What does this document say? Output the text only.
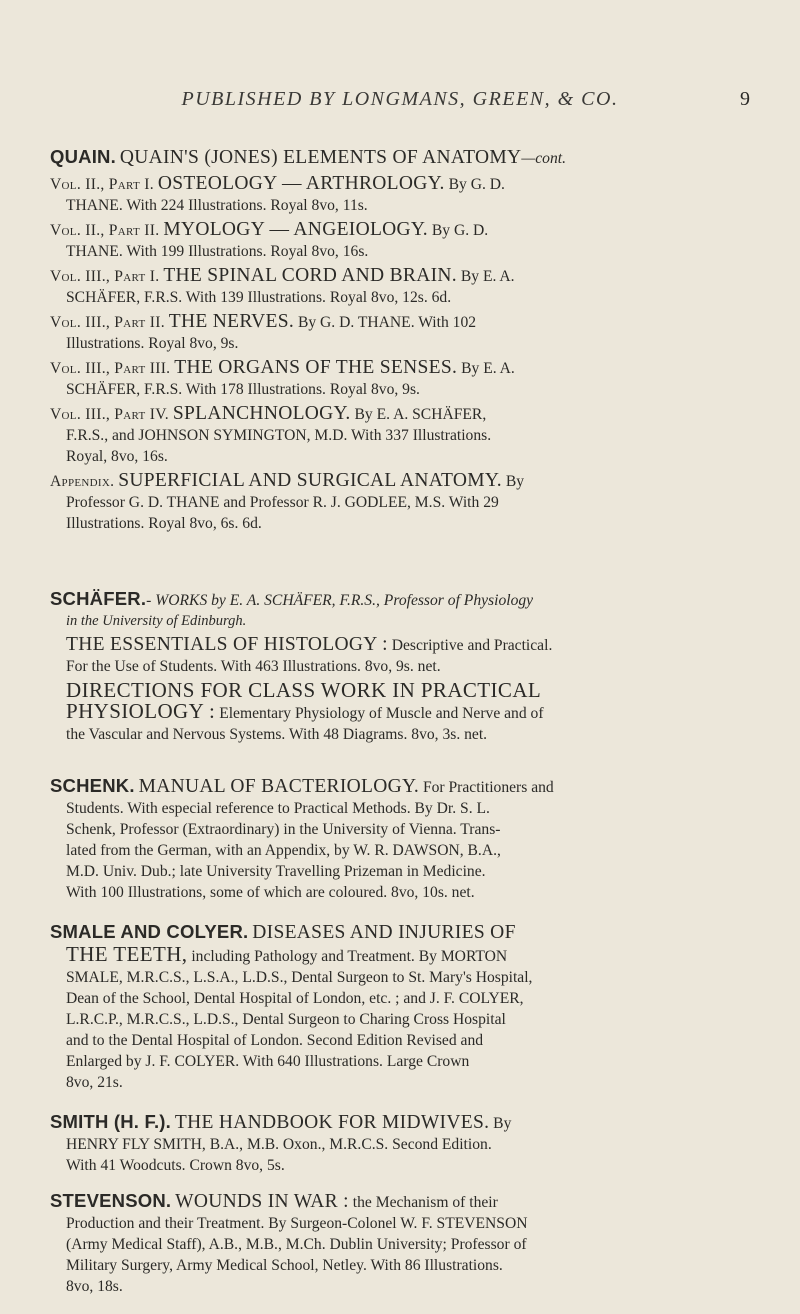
PUBLISHED BY LONGMANS, GREEN, & CO.	9
QUAIN. QUAIN'S (JONES) ELEMENTS OF ANATOMY—cont.
Vol. II., Part I. OSTEOLOGY — ARTHROLOGY. By G. D.
THANE. With 224 Illustrations. Royal 8vo, 11s.
Vol. II., Part II. MYOLOGY — ANGEIOLOGY. By G. D.
THANE. With 199 Illustrations. Royal 8vo, 16s.
Vol. III., Part I. THE SPINAL CORD AND BRAIN. By E. A.
SCHÄFER, F.R.S. With 139 Illustrations. Royal 8vo, 12s. 6d.
Vol. III., Part II. THE NERVES. By G. D. THANE. With 102
Illustrations. Royal 8vo, 9s.
Vol. III., Part III. THE ORGANS OF THE SENSES. By E. A.
SCHÄFER, F.R.S. With 178 Illustrations. Royal 8vo, 9s.
Vol. III., Part IV. SPLANCHNOLOGY. By E. A. SCHÄFER,
F.R.S., and JOHNSON SYMINGTON, M.D. With 337 Illustrations.
Royal, 8vo, 16s.
Appendix. SUPERFICIAL AND SURGICAL ANATOMY. By
Professor G. D. THANE and Professor R. J. GODLEE, M.S. With 29
Illustrations. Royal 8vo, 6s. 6d.
SCHÄFER.- WORKS by E. A. SCHÄFER, F.R.S., Professor of Physiology
in the University of Edinburgh.
THE ESSENTIALS OF HISTOLOGY : Descriptive and Practical.
For the Use of Students. With 463 Illustrations. 8vo, 9s. net.
DIRECTIONS FOR CLASS WORK IN PRACTICAL
PHYSIOLOGY : Elementary Physiology of Muscle and Nerve and of
the Vascular and Nervous Systems. With 48 Diagrams. 8vo, 3s. net.
SCHENK. MANUAL OF BACTERIOLOGY. For Practitioners and
Students. With especial reference to Practical Methods. By Dr. S. L.
Schenk, Professor (Extraordinary) in the University of Vienna. Trans-
lated from the German, with an Appendix, by W. R. DAWSON, B.A.,
M.D. Univ. Dub.; late University Travelling Prizeman in Medicine.
With 100 Illustrations, some of which are coloured. 8vo, 10s. net.
SMALE AND COLYER. DISEASES AND INJURIES OF
THE TEETH, including Pathology and Treatment. By MORTON
SMALE, M.R.C.S., L.S.A., L.D.S., Dental Surgeon to St. Mary's Hospital,
Dean of the School, Dental Hospital of London, etc. ; and J. F. COLYER,
L.R.C.P., M.R.C.S., L.D.S., Dental Surgeon to Charing Cross Hospital
and to the Dental Hospital of London. Second Edition Revised and
Enlarged by J. F. COLYER. With 640 Illustrations. Large Crown
8vo, 21s.
SMITH (H. F.). THE HANDBOOK FOR MIDWIVES. By
HENRY FLY SMITH, B.A., M.B. Oxon., M.R.C.S. Second Edition.
With 41 Woodcuts. Crown 8vo, 5s.
STEVENSON. WOUNDS IN WAR : the Mechanism of their
Production and their Treatment. By Surgeon-Colonel W. F. STEVENSON
(Army Medical Staff), A.B., M.B., M.Ch. Dublin University; Professor of
Military Surgery, Army Medical School, Netley. With 86 Illustrations.
8vo, 18s.
